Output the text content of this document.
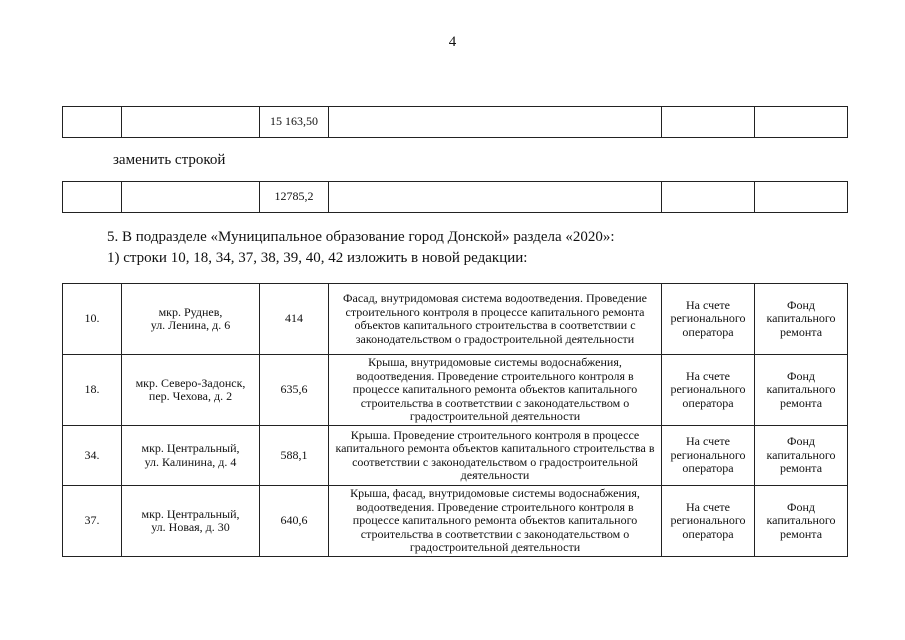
4
		15 163,50			
заменить строкой
		12785,2			
5. В подразделе «Муниципальное образование город Донской» раздела «2020»:
1) строки 10, 18, 34, 37, 38, 39, 40, 42 изложить в новой редакции:
10.	мкр. Руднев,
ул. Ленина, д. 6	414	Фасад, внутридомовая система водоотведения. Проведение строительного контроля в процессе капитального ремонта объектов капитального строительства в соответствии с законодательством о градостроительной деятельности	На счете регионального оператора	Фонд капитального ремонта
18.	мкр. Северо-Задонск,
пер. Чехова, д. 2	635,6	Крыша, внутридомовые системы водоснабжения, водоотведения. Проведение строительного контроля в процессе капитального ремонта объектов капитального строительства в соответствии с законодательством о градостроительной деятельности	На счете регионального оператора	Фонд капитального ремонта
34.	мкр. Центральный,
ул. Калинина, д. 4	588,1	Крыша. Проведение строительного контроля в процессе капитального ремонта объектов капитального строительства в соответствии с законодательством о градостроительной деятельности	На счете регионального оператора	Фонд капитального ремонта
37.	мкр. Центральный,
ул. Новая, д. 30	640,6	Крыша, фасад, внутридомовые системы водоснабжения, водоотведения. Проведение строительного контроля в процессе капитального ремонта объектов капитального строительства в соответствии с законодательством о градостроительной деятельности	На счете регионального оператора	Фонд капитального ремонта
